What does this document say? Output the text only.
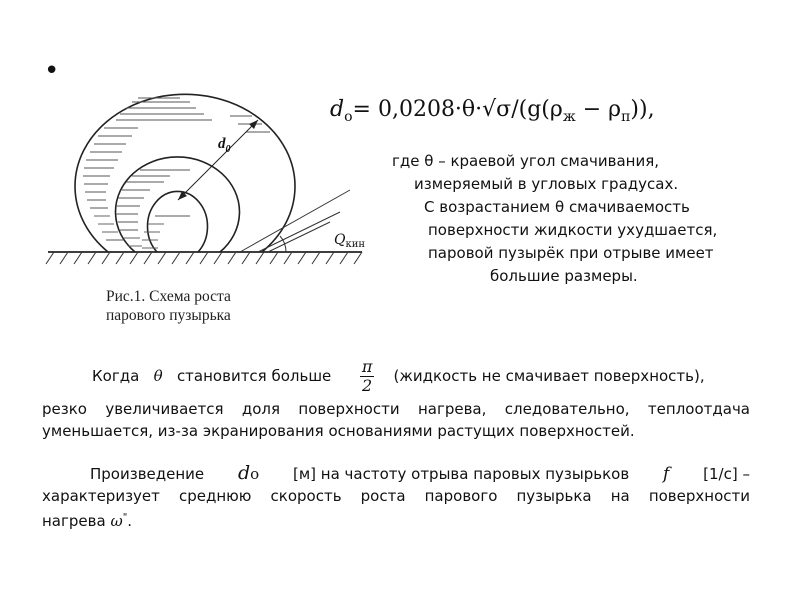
•
$d_0$
$Q_{кин}$
Рис.1. Схема роста
парового пузырька
$d_о= 0,0208\cdot\theta\cdot√\sigma/(g(\rho_ж - \rho_п))$,
где θ – краевой угол смачивания,
измеряемый в угловых градусах.
С возрастанием θ смачиваемость
поверхности жидкости ухудшается,
паровой пузырёк при отрыве имеет
большие размеры.
Когда θ становится больше $\frac{\pi}{2}$ (жидкость не смачивает поверхность),
резко увеличивается доля поверхности нагрева, следовательно, теплоотдача
уменьшается, из-за экранирования основаниями растущих поверхностей.
Произведение dо [м] на частоту отрыва паровых пузырьков f [1/с] –
характеризует среднюю скорость роста парового пузырька на поверхности
нагрева ω".
